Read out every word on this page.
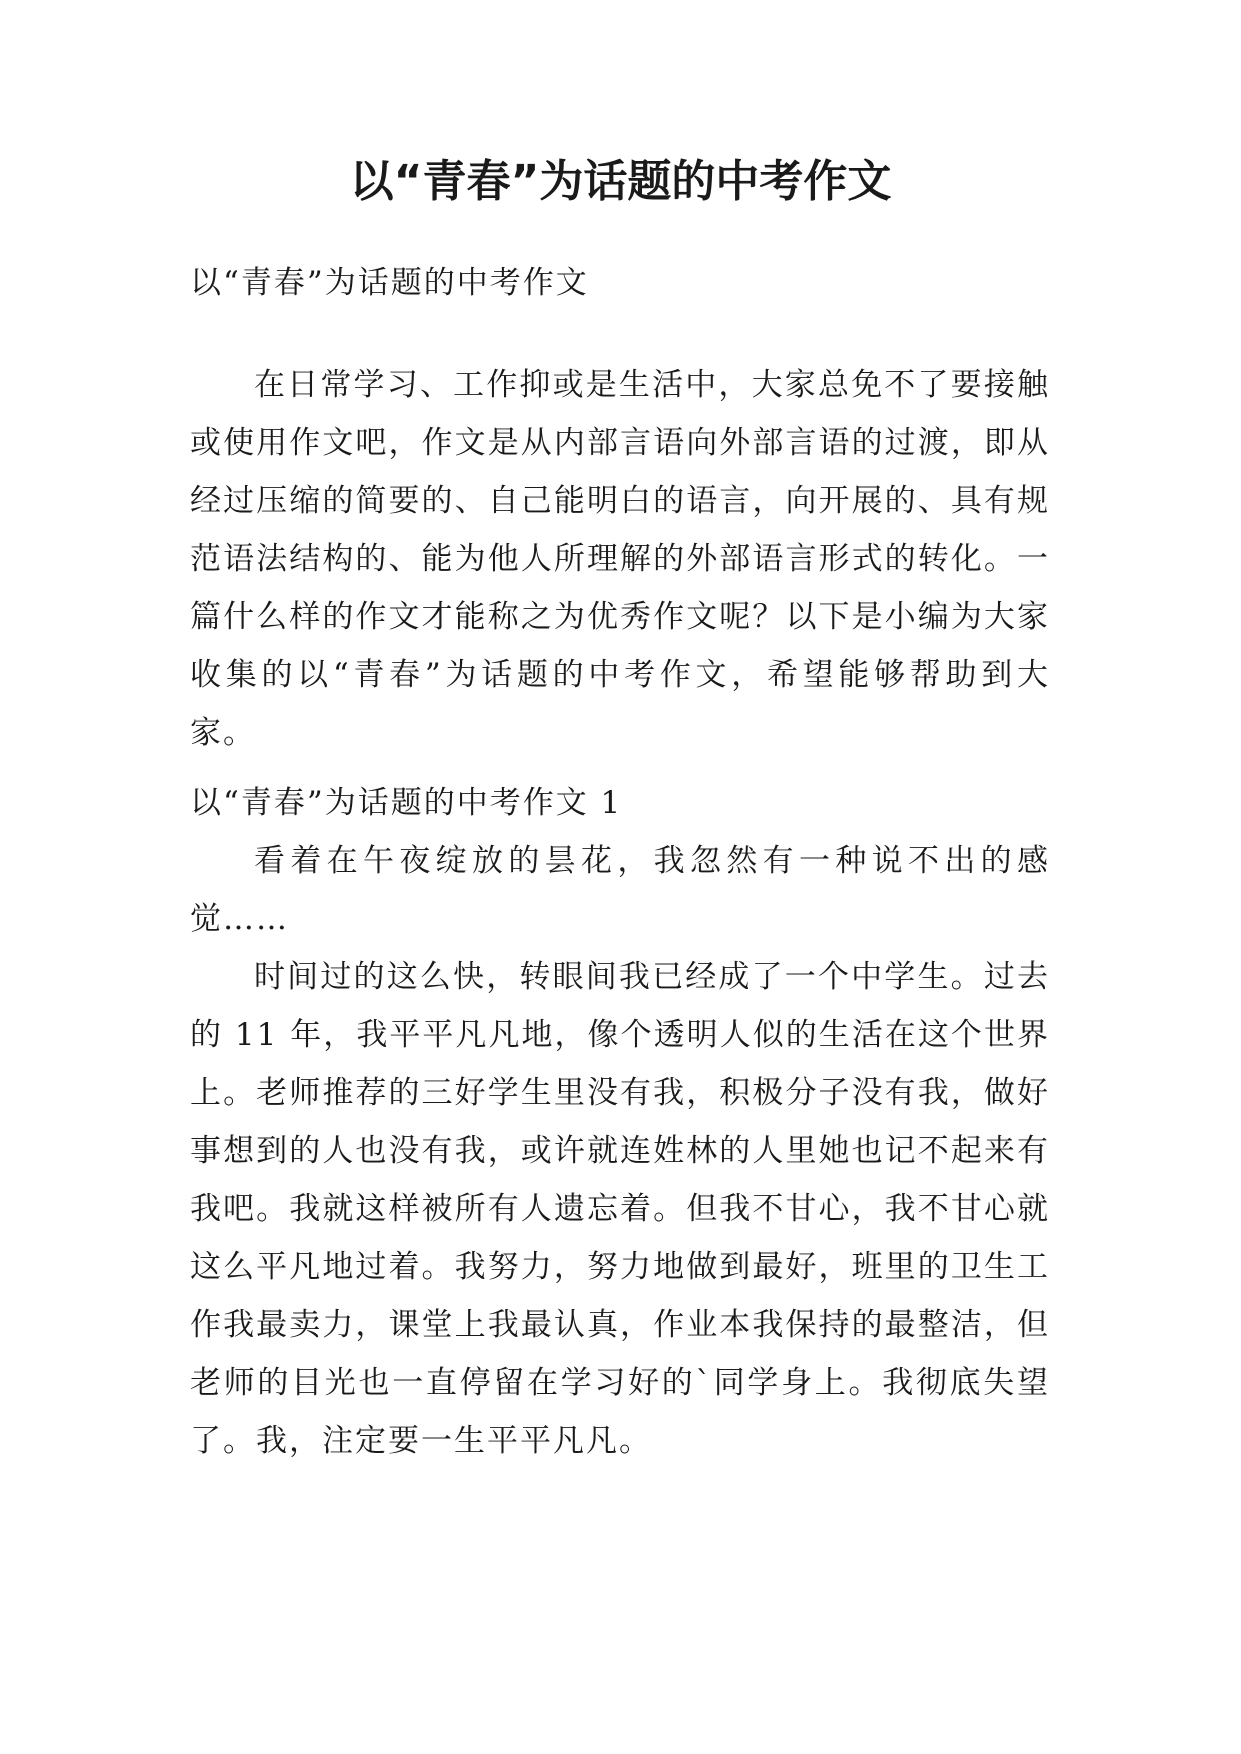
以“青春”为话题的中考作文

以“青春”为话题的中考作文

在日常学习、工作抑或是生活中，大家总免不了要接触或使用作文吧，作文是从内部言语向外部言语的过渡，即从经过压缩的简要的、自己能明白的语言，向开展的、具有规范语法结构的、能为他人所理解的外部语言形式的转化。一篇什么样的作文才能称之为优秀作文呢？以下是小编为大家收集的以“青春”为话题的中考作文，希望能够帮助到大家。

以“青春”为话题的中考作文 1

看着在午夜绽放的昙花，我忽然有一种说不出的感觉……

时间过的这么快，转眼间我已经成了一个中学生。过去的 11 年，我平平凡凡地，像个透明人似的生活在这个世界上。老师推荐的三好学生里没有我，积极分子没有我，做好事想到的人也没有我，或许就连姓林的人里她也记不起来有我吧。我就这样被所有人遗忘着。但我不甘心，我不甘心就这么平凡地过着。我努力，努力地做到最好，班里的卫生工作我最卖力，课堂上我最认真，作业本我保持的最整洁，但老师的目光也一直停留在学习好的`同学身上。我彻底失望了。我，注定要一生平平凡凡。
